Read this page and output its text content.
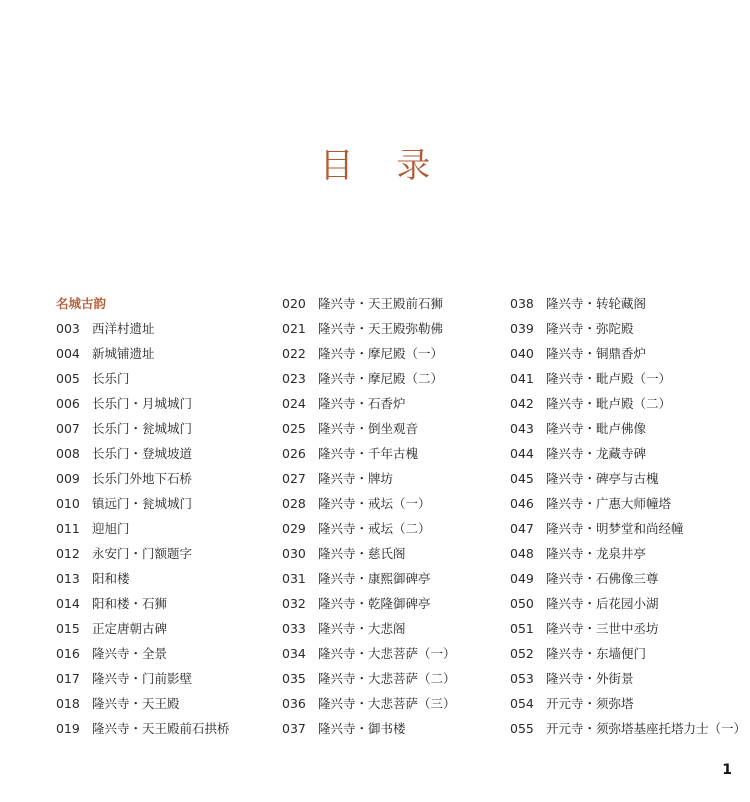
目 录
名城古韵
003 西洋村遗址
004 新城铺遗址
005 长乐门
006 长乐门・月城城门
007 长乐门・瓮城城门
008 长乐门・登城坡道
009 长乐门外地下石桥
010 镇远门・瓮城城门
011 迎旭门
012 永安门・门额题字
013 阳和楼
014 阳和楼・石狮
015 正定唐朝古碑
016 隆兴寺・全景
017 隆兴寺・门前影壁
018 隆兴寺・天王殿
019 隆兴寺・天王殿前石拱桥
020 隆兴寺・天王殿前石狮
021 隆兴寺・天王殿弥勒佛
022 隆兴寺・摩尼殿（一）
023 隆兴寺・摩尼殿（二）
024 隆兴寺・石香炉
025 隆兴寺・倒坐观音
026 隆兴寺・千年古槐
027 隆兴寺・牌坊
028 隆兴寺・戒坛（一）
029 隆兴寺・戒坛（二）
030 隆兴寺・慈氏阁
031 隆兴寺・康熙御碑亭
032 隆兴寺・乾隆御碑亭
033 隆兴寺・大悲阁
034 隆兴寺・大悲菩萨（一）
035 隆兴寺・大悲菩萨（二）
036 隆兴寺・大悲菩萨（三）
037 隆兴寺・御书楼
038 隆兴寺・转轮藏阁
039 隆兴寺・弥陀殿
040 隆兴寺・铜鼎香炉
041 隆兴寺・毗卢殿（一）
042 隆兴寺・毗卢殿（二）
043 隆兴寺・毗卢佛像
044 隆兴寺・龙藏寺碑
045 隆兴寺・碑亭与古槐
046 隆兴寺・广惠大师幢塔
047 隆兴寺・明梦堂和尚经幢
048 隆兴寺・龙泉井亭
049 隆兴寺・石佛像三尊
050 隆兴寺・后花园小湖
051 隆兴寺・三世中丞坊
052 隆兴寺・东墙便门
053 隆兴寺・外街景
054 开元寺・须弥塔
055 开元寺・须弥塔基座托塔力士（一）
1
